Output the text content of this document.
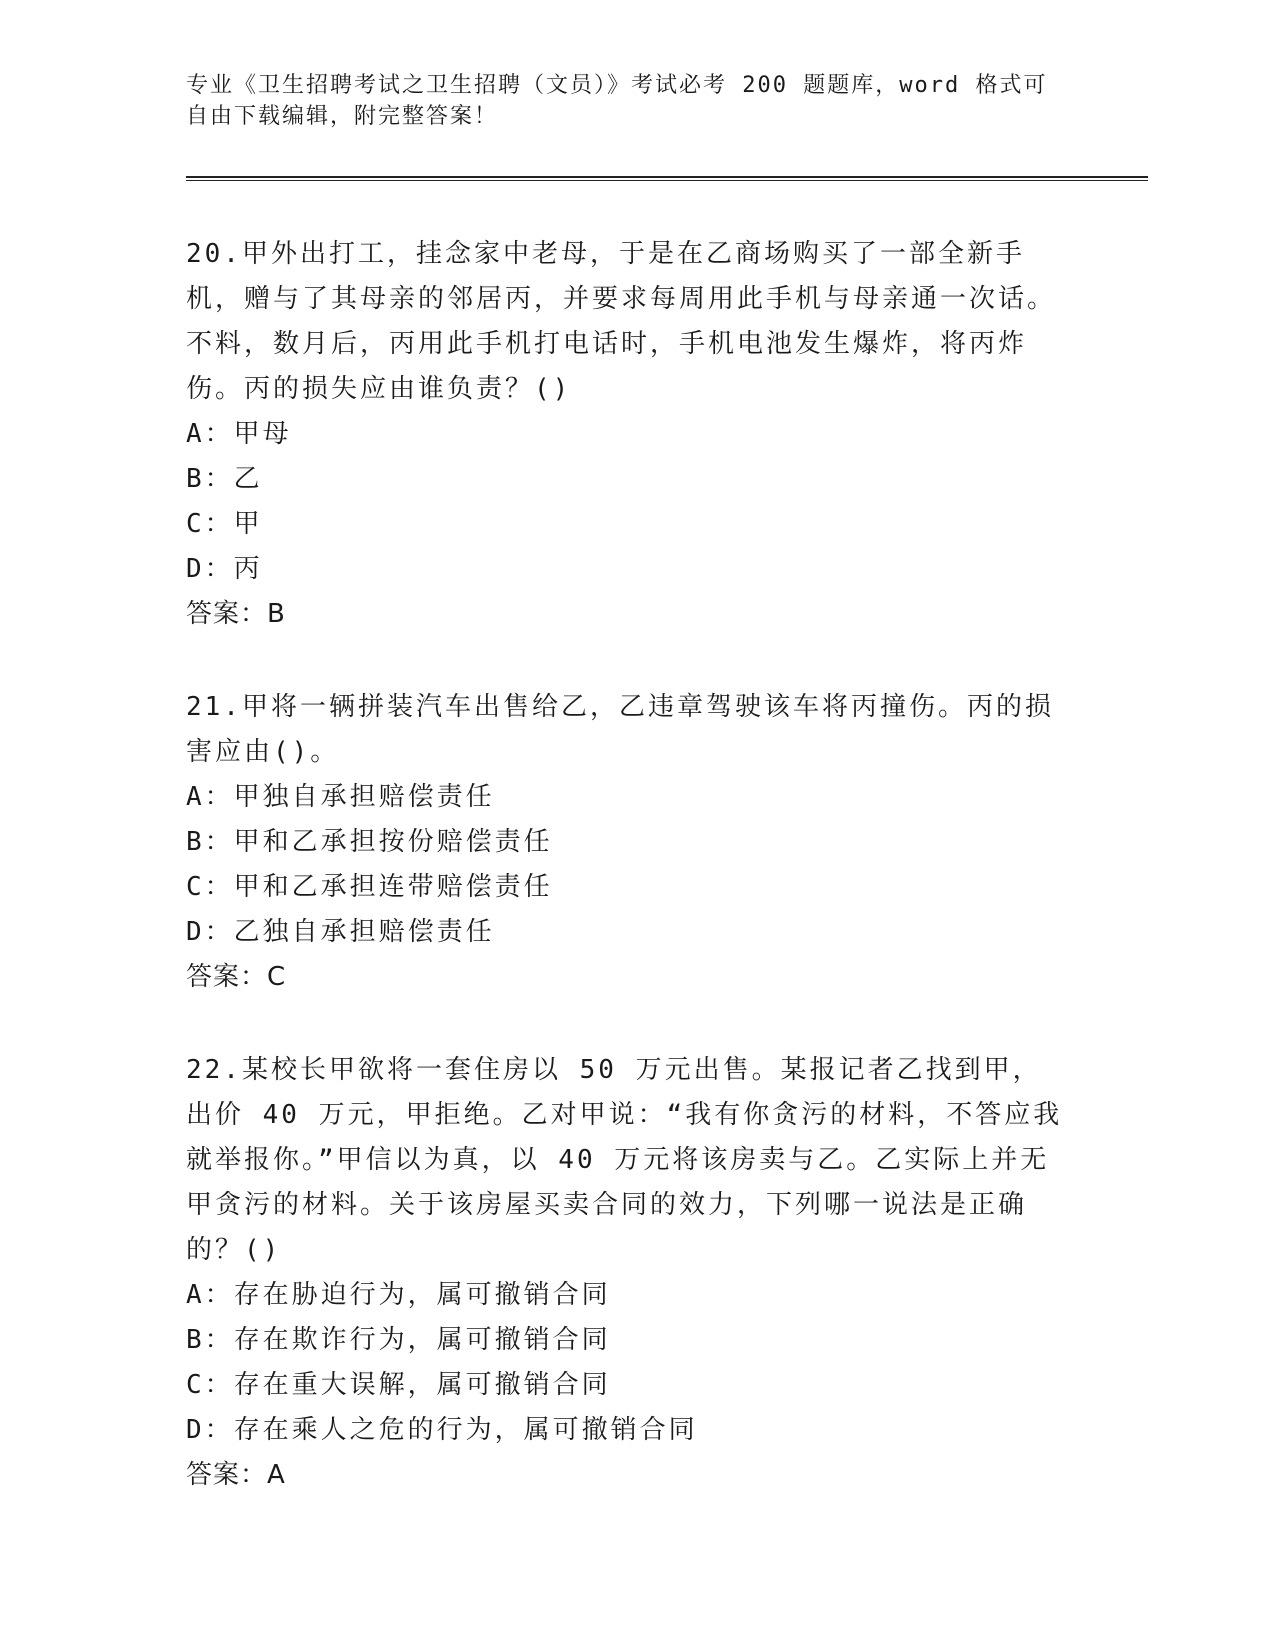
专业《卫生招聘考试之卫生招聘（文员）》考试必考 200 题题库，word 格式可自由下载编辑，附完整答案！

20.甲外出打工，挂念家中老母，于是在乙商场购买了一部全新手机，赠与了其母亲的邻居丙，并要求每周用此手机与母亲通一次话。不料，数月后，丙用此手机打电话时，手机电池发生爆炸，将丙炸伤。丙的损失应由谁负责？()

A：甲母

B：乙

C：甲

D：丙

答案：B

21.甲将一辆拼装汽车出售给乙，乙违章驾驶该车将丙撞伤。丙的损害应由()。

A：甲独自承担赔偿责任

B：甲和乙承担按份赔偿责任

C：甲和乙承担连带赔偿责任

D：乙独自承担赔偿责任

答案：C

22.某校长甲欲将一套住房以 50 万元出售。某报记者乙找到甲，出价 40 万元，甲拒绝。乙对甲说：“我有你贪污的材料，不答应我就举报你。”甲信以为真，以 40 万元将该房卖与乙。乙实际上并无甲贪污的材料。关于该房屋买卖合同的效力，下列哪一说法是正确的？()

A：存在胁迫行为，属可撤销合同

B：存在欺诈行为，属可撤销合同

C：存在重大误解，属可撤销合同

D：存在乘人之危的行为，属可撤销合同

答案：A
